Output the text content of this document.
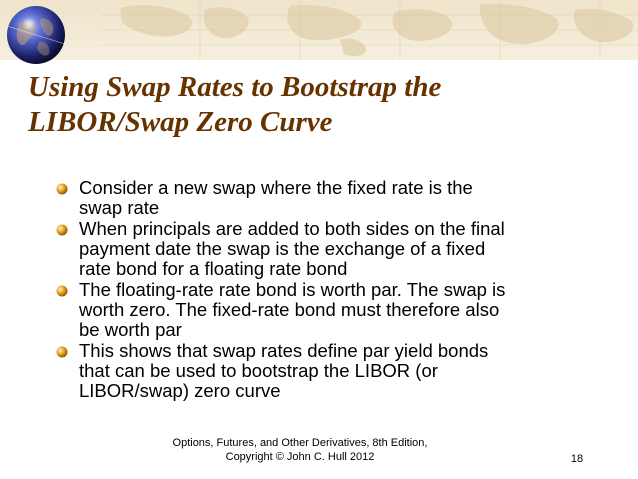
Using Swap Rates to Bootstrap the
LIBOR/Swap Zero Curve
Consider a new swap where the fixed rate is the
swap rate
When principals are added to both sides on the final
payment date the swap is the exchange of a fixed
rate bond for a floating rate bond
The floating-rate rate bond is worth par. The swap is
worth zero. The fixed-rate bond must therefore also
be worth par
This shows that swap rates define par yield bonds
that can be used to bootstrap the LIBOR (or
LIBOR/swap) zero curve
Options, Futures, and Other Derivatives, 8th Edition,
Copyright © John C. Hull 2012	18
